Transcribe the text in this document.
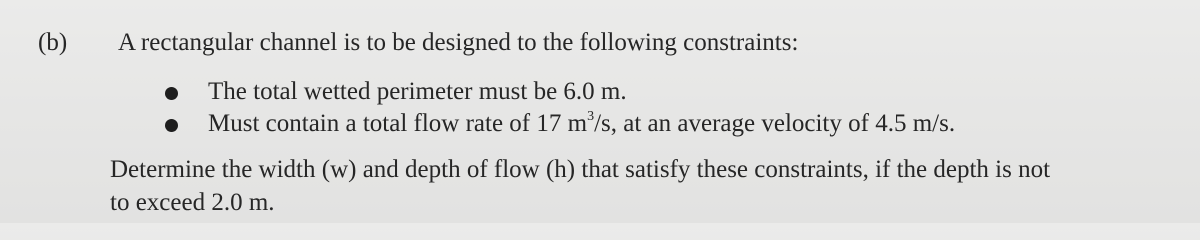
(b) A rectangular channel is to be designed to the following constraints:
The total wetted perimeter must be 6.0 m.
Must contain a total flow rate of 17 $m^3/s$, at an average velocity of 4.5 m/s.
Determine the width (w) and depth of flow (h) that satisfy these constraints, if the depth is not
to exceed 2.0 m.
